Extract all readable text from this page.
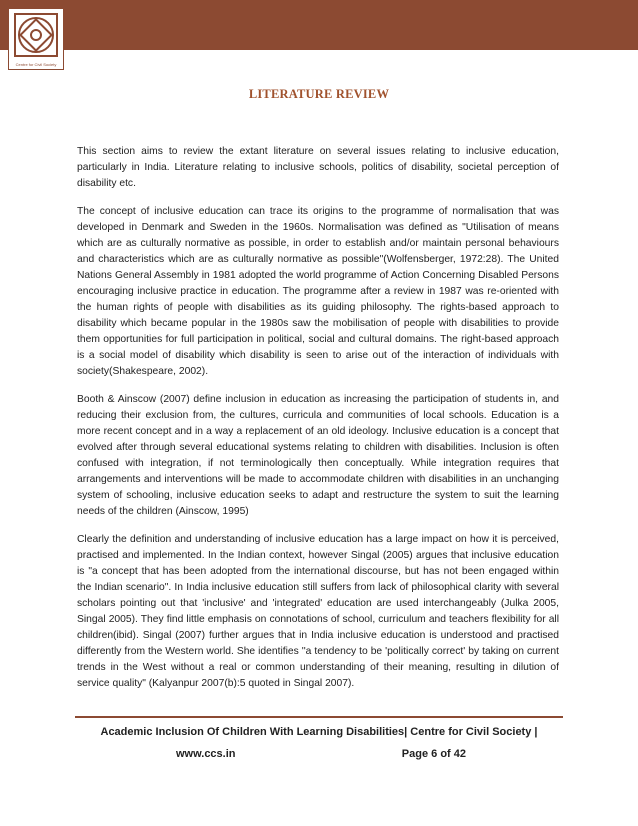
Centre for Civil Society
LITERATURE REVIEW

This section aims to review the extant literature on several issues relating to inclusive education, particularly in India. Literature relating to inclusive schools, politics of disability, societal perception of disability etc.

The concept of inclusive education can trace its origins to the programme of normalisation that was developed in Denmark and Sweden in the 1960s. Normalisation was defined as "Utilisation of means which are as culturally normative as possible, in order to establish and/or maintain personal behaviours and characteristics which are as culturally normative as possible"(Wolfensberger, 1972:28). The United Nations General Assembly in 1981 adopted the world programme of Action Concerning Disabled Persons encouraging inclusive practice in education. The programme after a review in 1987 was re-oriented with the human rights of people with disabilities as its guiding philosophy. The rights-based approach to disability which became popular in the 1980s saw the mobilisation of people with disabilities to provide them opportunities for full participation in political, social and cultural domains. The right-based approach is a social model of disability which disability is seen to arise out of the interaction of individuals with society(Shakespeare, 2002).

Booth & Ainscow (2007) define inclusion in education as increasing the participation of students in, and reducing their exclusion from, the cultures, curricula and communities of local schools. Education is a more recent concept and in a way a replacement of an old ideology. Inclusive education is a concept that evolved after through several educational systems relating to children with disabilities. Inclusion is often confused with integration, if not terminologically then conceptually. While integration requires that arrangements and interventions will be made to accommodate children with disabilities in an unchanging system of schooling, inclusive education seeks to adapt and restructure the system to suit the learning needs of the children (Ainscow, 1995)

Clearly the definition and understanding of inclusive education has a large impact on how it is perceived, practised and implemented. In the Indian context, however Singal (2005) argues that inclusive education is "a concept that has been adopted from the international discourse, but has not been engaged within the Indian scenario". In India inclusive education still suffers from lack of philosophical clarity with several scholars pointing out that 'inclusive' and 'integrated' education are used interchangeably (Julka 2005, Singal 2005). They find little emphasis on connotations of school, curriculum and teachers flexibility for all children(ibid). Singal (2007) further argues that in India inclusive education is understood and practised differently from the Western world. She identifies ''a tendency to be 'politically correct' by taking on current trends in the West without a real or common understanding of their meaning, resulting in dilution of service quality" (Kalyanpur 2007(b):5 quoted in Singal 2007).

Academic Inclusion Of Children With Learning Disabilities| Centre for Civil Society |
www.ccs.in	Page 6 of 42
